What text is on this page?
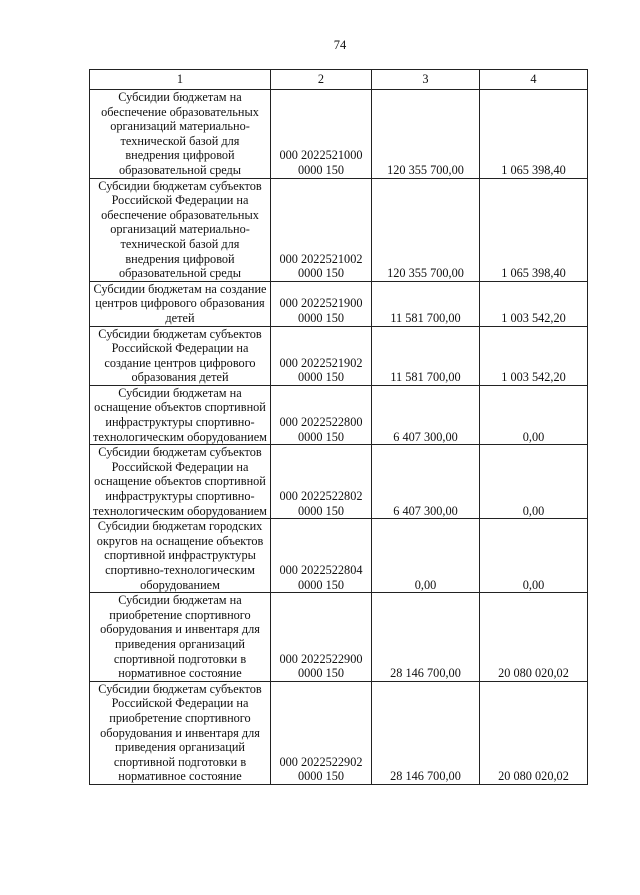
74
1	2	3	4
Субсидии бюджетам на обеспечение образовательных организаций материально-технической базой для внедрения цифровой образовательной среды	000 2022521000 0000 150	120 355 700,00	1 065 398,40
Субсидии бюджетам субъектов Российской Федерации на обеспечение образовательных организаций материально-технической базой для внедрения цифровой образовательной среды	000 2022521002 0000 150	120 355 700,00	1 065 398,40
Субсидии бюджетам на создание центров цифрового образования детей	000 2022521900 0000 150	11 581 700,00	1 003 542,20
Субсидии бюджетам субъектов Российской Федерации на создание центров цифрового образования детей	000 2022521902 0000 150	11 581 700,00	1 003 542,20
Субсидии бюджетам на оснащение объектов спортивной инфраструктуры спортивно-технологическим оборудованием	000 2022522800 0000 150	6 407 300,00	0,00
Субсидии бюджетам субъектов Российской Федерации на оснащение объектов спортивной инфраструктуры спортивно-технологическим оборудованием	000 2022522802 0000 150	6 407 300,00	0,00
Субсидии бюджетам городских округов на оснащение объектов спортивной инфраструктуры спортивно-технологическим оборудованием	000 2022522804 0000 150	0,00	0,00
Субсидии бюджетам на приобретение спортивного оборудования и инвентаря для приведения организаций спортивной подготовки в нормативное состояние	000 2022522900 0000 150	28 146 700,00	20 080 020,02
Субсидии бюджетам субъектов Российской Федерации на приобретение спортивного оборудования и инвентаря для приведения организаций спортивной подготовки в нормативное состояние	000 2022522902 0000 150	28 146 700,00	20 080 020,02
